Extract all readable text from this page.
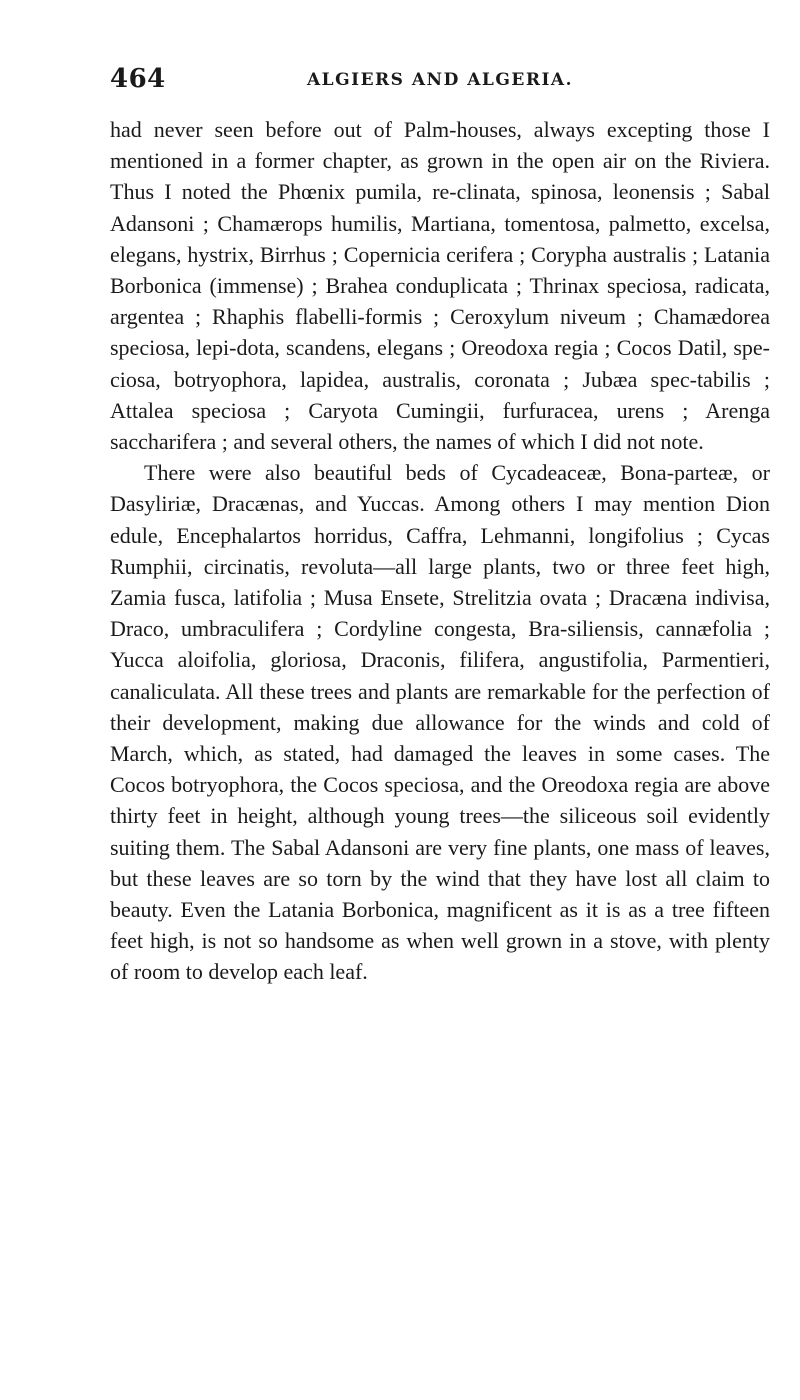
464	ALGIERS AND ALGERIA.

had never seen before out of Palm-houses, always excepting those I mentioned in a former chapter, as grown in the open air on the Riviera. Thus I noted the Phœnix pumila, re-clinata, spinosa, leonensis ; Sabal Adansoni ; Chamærops humilis, Martiana, tomentosa, palmetto, excelsa, elegans, hystrix, Birrhus ; Copernicia cerifera ; Corypha australis ; Latania Borbonica (immense) ; Brahea conduplicata ; Thrinax speciosa, radicata, argentea ; Rhaphis flabelli-formis ; Ceroxylum niveum ; Chamædorea speciosa, lepi-dota, scandens, elegans ; Oreodoxa regia ; Cocos Datil, spe-ciosa, botryophora, lapidea, australis, coronata ; Jubæa spec-tabilis ; Attalea speciosa ; Caryota Cumingii, furfuracea, urens ; Arenga saccharifera ; and several others, the names of which I did not note.

There were also beautiful beds of Cycadeaceæ, Bona-parteæ, or Dasyliriæ, Dracænas, and Yuccas. Among others I may mention Dion edule, Encephalartos horridus, Caffra, Lehmanni, longifolius ; Cycas Rumphii, circinatis, revoluta—all large plants, two or three feet high, Zamia fusca, latifolia ; Musa Ensete, Strelitzia ovata ; Dracæna indivisa, Draco, umbraculifera ; Cordyline congesta, Bra-siliensis, cannæfolia ; Yucca aloifolia, gloriosa, Draconis, filifera, angustifolia, Parmentieri, canaliculata. All these trees and plants are remarkable for the perfection of their development, making due allowance for the winds and cold of March, which, as stated, had damaged the leaves in some cases. The Cocos botryophora, the Cocos speciosa, and the Oreodoxa regia are above thirty feet in height, although young trees—the siliceous soil evidently suiting them. The Sabal Adansoni are very fine plants, one mass of leaves, but these leaves are so torn by the wind that they have lost all claim to beauty. Even the Latania Borbonica, magnificent as it is as a tree fifteen feet high, is not so handsome as when well grown in a stove, with plenty of room to develop each leaf.
